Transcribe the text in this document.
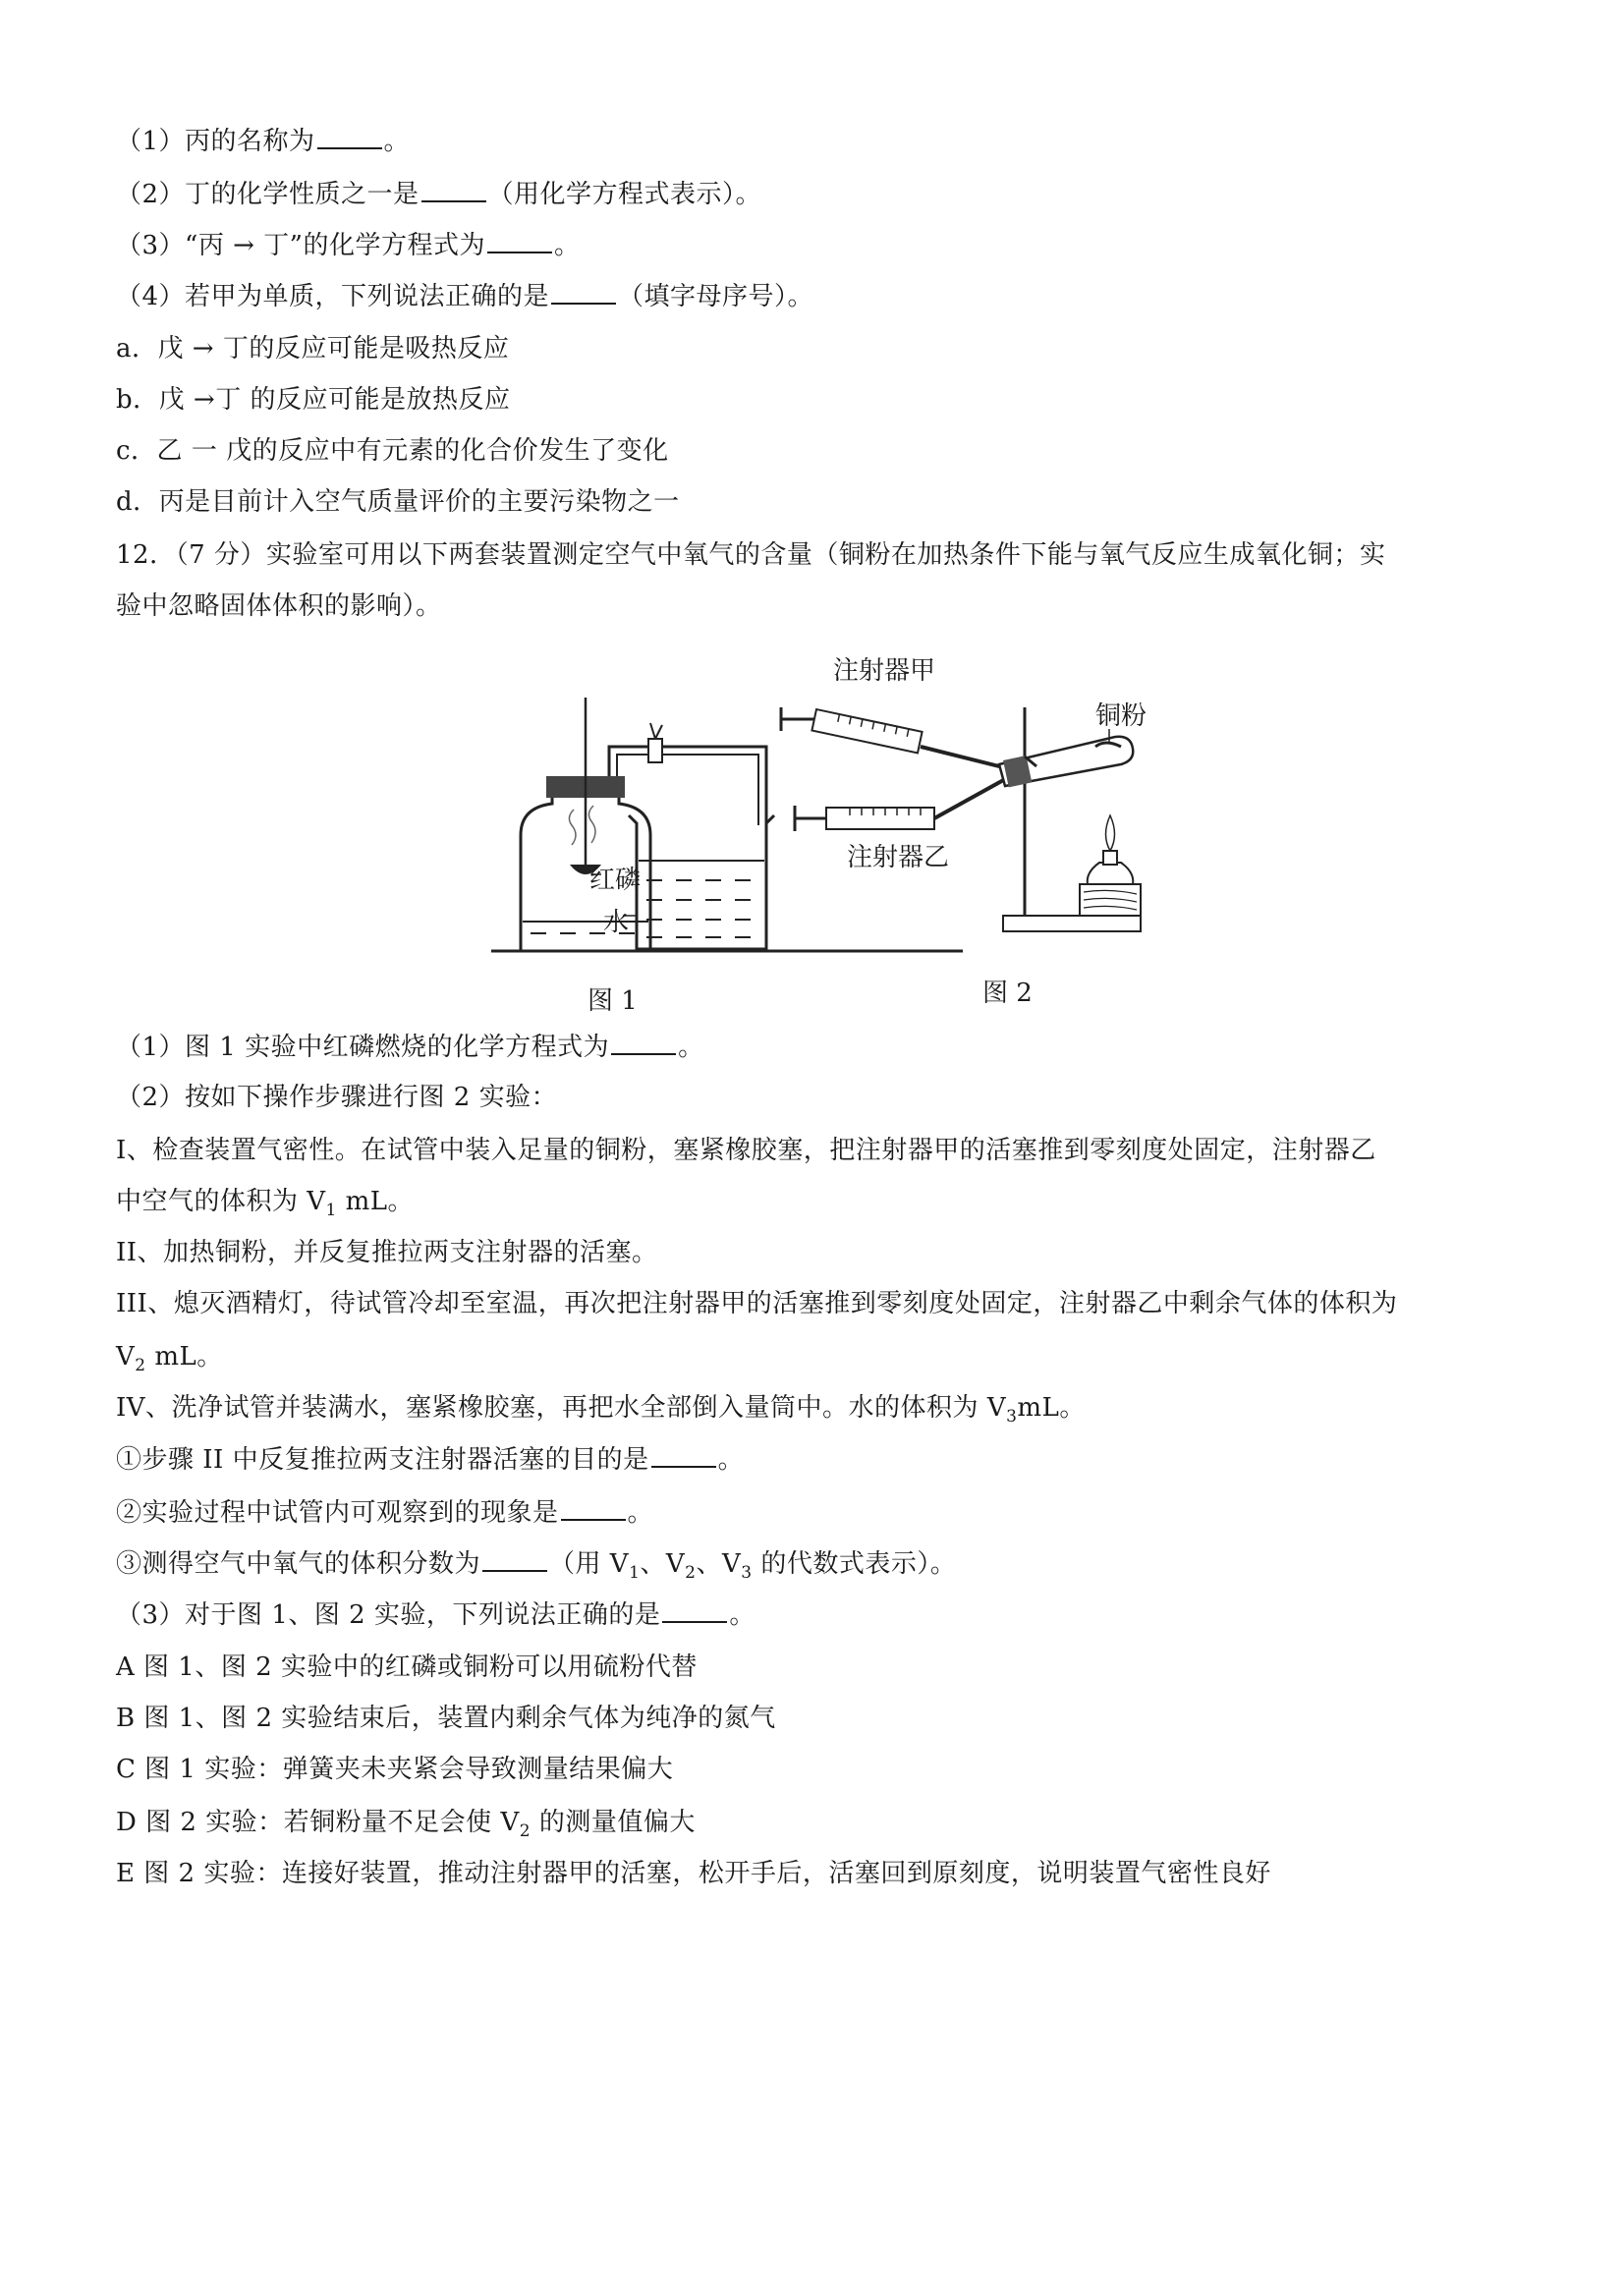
（1）丙的名称为	。
（2）丁的化学性质之一是	（用化学方程式表示）。
（3）“丙 → 丁”的化学方程式为	。
（4）若甲为单质，下列说法正确的是	（填字母序号）。
a．戊 → 丁的反应可能是吸热反应
b．戊 →丁 的反应可能是放热反应
c．乙 一 戊的反应中有元素的化合价发生了变化
d．丙是目前计入空气质量评价的主要污染物之一
12．（7 分）实验室可用以下两套装置测定空气中氧气的含量（铜粉在加热条件下能与氧气反应生成氧化铜；实
验中忽略固体体积的影响）。
红磷
水
图 1
注射器甲
注射器乙
铜粉
图 2
（1）图 1 实验中红磷燃烧的化学方程式为	。
（2）按如下操作步骤进行图 2 实验：
I、检查装置气密性。在试管中装入足量的铜粉，塞紧橡胶塞，把注射器甲的活塞推到零刻度处固定，注射器乙
中空气的体积为 $V_1$ mL。
II、加热铜粉，并反复推拉两支注射器的活塞。
III、熄灭酒精灯，待试管冷却至室温，再次把注射器甲的活塞推到零刻度处固定，注射器乙中剩余气体的体积为
$V_2$ mL。
IV、洗净试管并装满水，塞紧橡胶塞，再把水全部倒入量筒中。水的体积为 $V_3mL$。
①步骤 II 中反复推拉两支注射器活塞的目的是	。
②实验过程中试管内可观察到的现象是	。
③测得空气中氧气的体积分数为	（用 $V_1$、$V_2$、$V_3$ 的代数式表示）。
（3）对于图 1、图 2 实验，下列说法正确的是	。
A 图 1、图 2 实验中的红磷或铜粉可以用硫粉代替
B 图 1、图 2 实验结束后，装置内剩余气体为纯净的氮气
C 图 1 实验：弹簧夹未夹紧会导致测量结果偏大
D 图 2 实验：若铜粉量不足会使 $V_2$ 的测量值偏大
E 图 2 实验：连接好装置，推动注射器甲的活塞，松开手后，活塞回到原刻度，说明装置气密性良好
